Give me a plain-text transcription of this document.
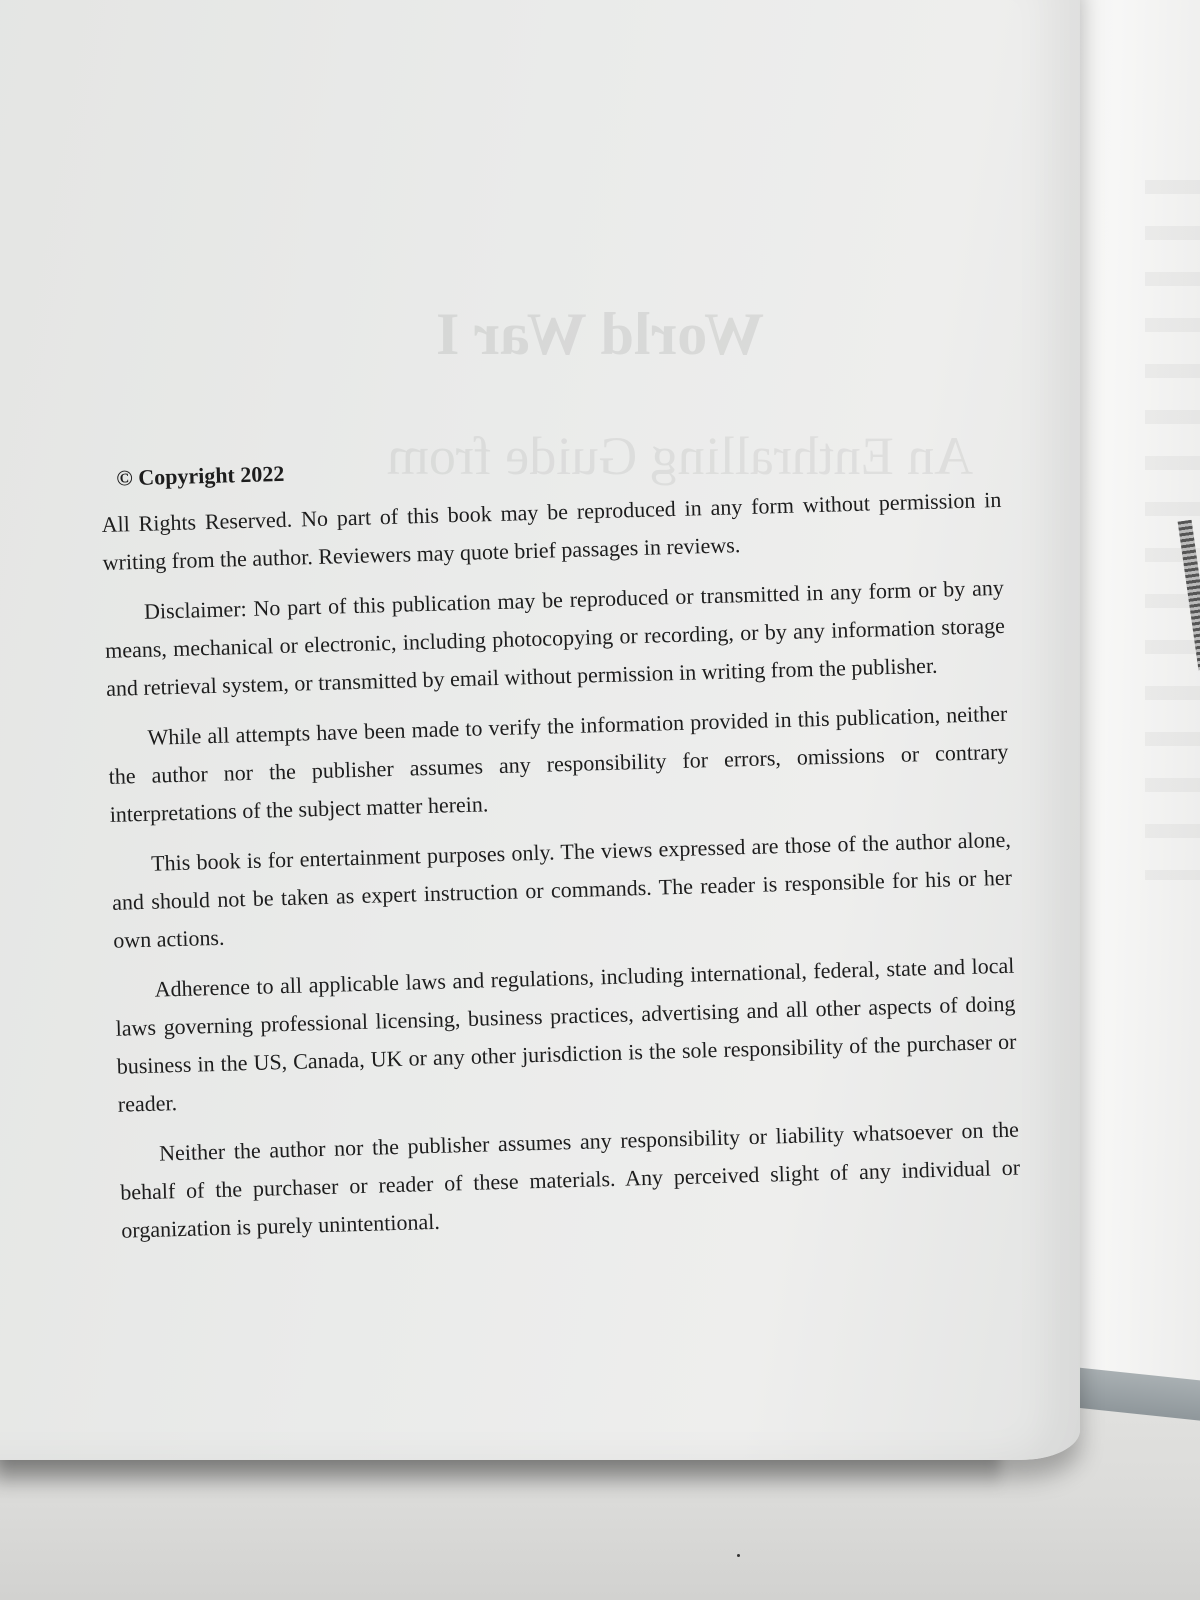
World War I
An Enthralling Guide from
© Copyright 2022

All Rights Reserved. No part of this book may be reproduced in any form without permission in writing from the author. Reviewers may quote brief passages in reviews.

Disclaimer: No part of this publication may be reproduced or transmitted in any form or by any means, mechanical or electronic, including photocopying or recording, or by any information storage and retrieval system, or transmitted by email without permission in writing from the publisher.

While all attempts have been made to verify the information provided in this publication, neither the author nor the publisher assumes any responsibility for errors, omissions or contrary interpretations of the subject matter herein.

This book is for entertainment purposes only. The views expressed are those of the author alone, and should not be taken as expert instruction or commands. The reader is responsible for his or her own actions.

Adherence to all applicable laws and regulations, including international, federal, state and local laws governing professional licensing, business practices, advertising and all other aspects of doing business in the US, Canada, UK or any other jurisdiction is the sole responsibility of the purchaser or reader.

Neither the author nor the publisher assumes any responsibility or liability whatsoever on the behalf of the purchaser or reader of these materials. Any perceived slight of any individual or organization is purely unintentional.
